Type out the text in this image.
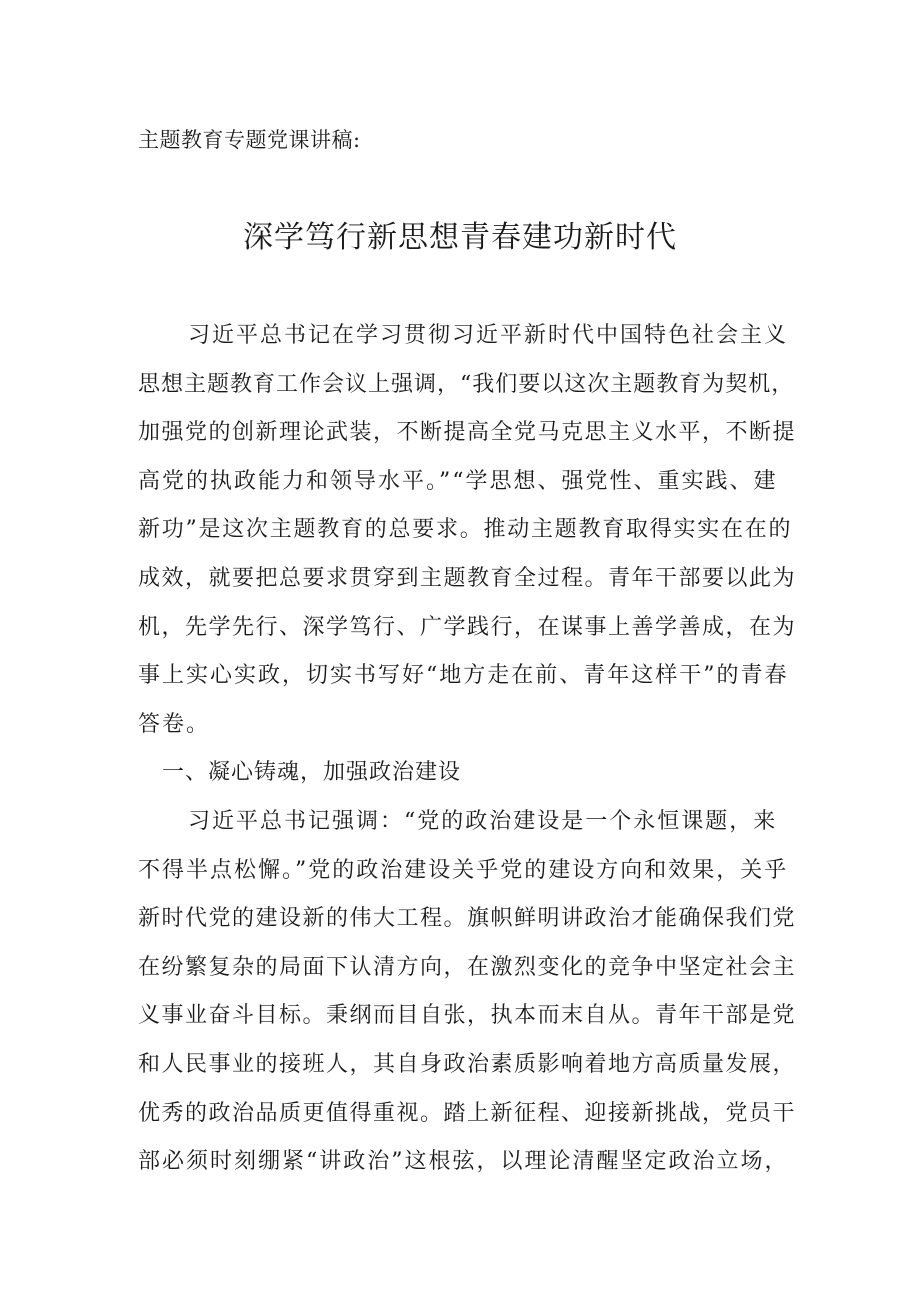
主题教育专题党课讲稿:
深学笃行新思想青春建功新时代
习近平总书记在学习贯彻习近平新时代中国特色社会主义
思想主题教育工作会议上强调，“我们要以这次主题教育为契机，
加强党的创新理论武装，不断提高全党马克思主义水平，不断提
高党的执政能力和领导水平。”“学思想、强党性、重实践、建
新功”是这次主题教育的总要求。推动主题教育取得实实在在的
成效，就要把总要求贯穿到主题教育全过程。青年干部要以此为
机，先学先行、深学笃行、广学践行，在谋事上善学善成，在为
事上实心实政，切实书写好“地方走在前、青年这样干”的青春
答卷。
一、凝心铸魂，加强政治建设
习近平总书记强调：“党的政治建设是一个永恒课题，来
不得半点松懈。”党的政治建设关乎党的建设方向和效果，关乎
新时代党的建设新的伟大工程。旗帜鲜明讲政治才能确保我们党
在纷繁复杂的局面下认清方向，在激烈变化的竞争中坚定社会主
义事业奋斗目标。秉纲而目自张，执本而末自从。青年干部是党
和人民事业的接班人，其自身政治素质影响着地方高质量发展，
优秀的政治品质更值得重视。踏上新征程、迎接新挑战，党员干
部必须时刻绷紧“讲政治”这根弦，以理论清醒坚定政治立场，
